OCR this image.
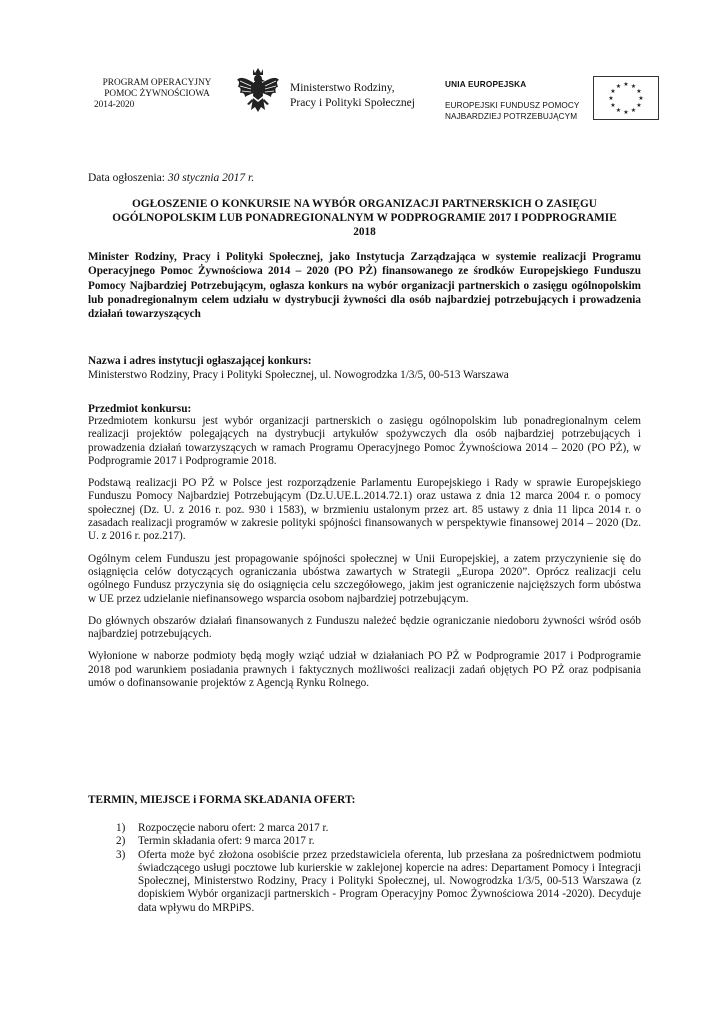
PROGRAM OPERACYJNY
POMOC ŻYWNOŚCIOWA
2014-2020
Ministerstwo Rodziny,
Pracy i Polityki Społecznej
UNIA EUROPEJSKA
EUROPEJSKI FUNDUSZ POMOCY
NAJBARDZIEJ POTRZEBUJĄCYM
★ ★
★
★
★
★
★
★
★
★
★
★
Data ogłoszenia: 30 stycznia 2017 r.
OGŁOSZENIE O KONKURSIE NA WYBÓR ORGANIZACJI PARTNERSKICH O ZASIĘGU
OGÓLNOPOLSKIM LUB PONADREGIONALNYM W PODPROGRAMIE 2017 I PODPROGRAMIE
2018
Minister Rodziny, Pracy i Polityki Społecznej, jako Instytucja Zarządzająca w systemie realizacji Programu Operacyjnego Pomoc Żywnościowa 2014 – 2020 (PO PŻ) finansowanego ze środków Europejskiego Funduszu Pomocy Najbardziej Potrzebującym, ogłasza konkurs na wybór organizacji partnerskich o zasięgu ogólnopolskim lub ponadregionalnym celem udziału w dystrybucji żywności dla osób najbardziej potrzebujących i prowadzenia działań towarzyszących
Nazwa i adres instytucji ogłaszającej konkurs:
Ministerstwo Rodziny, Pracy i Polityki Społecznej, ul. Nowogrodzka 1/3/5, 00-513 Warszawa
Przedmiot konkursu:

Przedmiotem konkursu jest wybór organizacji partnerskich o zasięgu ogólnopolskim lub ponadregionalnym celem realizacji projektów polegających na dystrybucji artykułów spożywczych dla osób najbardziej potrzebujących i prowadzenia działań towarzyszących w ramach Programu Operacyjnego Pomoc Żywnościowa 2014 – 2020 (PO PŻ), w Podprogramie 2017 i Podprogramie 2018.

Podstawą realizacji PO PŻ w Polsce jest rozporządzenie Parlamentu Europejskiego i Rady w sprawie Europejskiego Funduszu Pomocy Najbardziej Potrzebującym (Dz.U.UE.L.2014.72.1) oraz ustawa z dnia 12 marca 2004 r. o pomocy społecznej (Dz. U. z 2016 r. poz. 930 i 1583), w brzmieniu ustalonym przez art. 85 ustawy z dnia 11 lipca 2014 r. o zasadach realizacji programów w zakresie polityki spójności finansowanych w perspektywie finansowej 2014 – 2020 (Dz. U. z 2016 r. poz.217).

Ogólnym celem Funduszu jest propagowanie spójności społecznej w Unii Europejskiej, a zatem przyczynienie się do osiągnięcia celów dotyczących ograniczania ubóstwa zawartych w Strategii „Europa 2020”. Oprócz realizacji celu ogólnego Fundusz przyczynia się do osiągnięcia celu szczegółowego, jakim jest ograniczenie najcięższych form ubóstwa w UE przez udzielanie niefinansowego wsparcia osobom najbardziej potrzebującym.

Do głównych obszarów działań finansowanych z Funduszu należeć będzie ograniczanie niedoboru żywności wśród osób najbardziej potrzebujących.

Wyłonione w naborze podmioty będą mogły wziąć udział w działaniach PO PŻ w Podprogramie 2017 i Podprogramie 2018 pod warunkiem posiadania prawnych i faktycznych możliwości realizacji zadań objętych PO PŻ oraz podpisania umów o dofinansowanie projektów z Agencją Rynku Rolnego.

TERMIN, MIEJSCE i FORMA SKŁADANIA OFERT:
1) Rozpoczęcie naboru ofert: 2 marca 2017 r.
2) Termin składania ofert: 9 marca 2017 r.
3) Oferta może być złożona osobiście przez przedstawiciela oferenta, lub przesłana za pośrednictwem podmiotu świadczącego usługi pocztowe lub kurierskie w zaklejonej kopercie na adres: Departament Pomocy i Integracji Społecznej, Ministerstwo Rodziny, Pracy i Polityki Społecznej, ul. Nowogrodzka 1/3/5, 00-513 Warszawa (z dopiskiem Wybór organizacji partnerskich - Program Operacyjny Pomoc Żywnościowa 2014 -2020). Decyduje data wpływu do MRPiPS.
